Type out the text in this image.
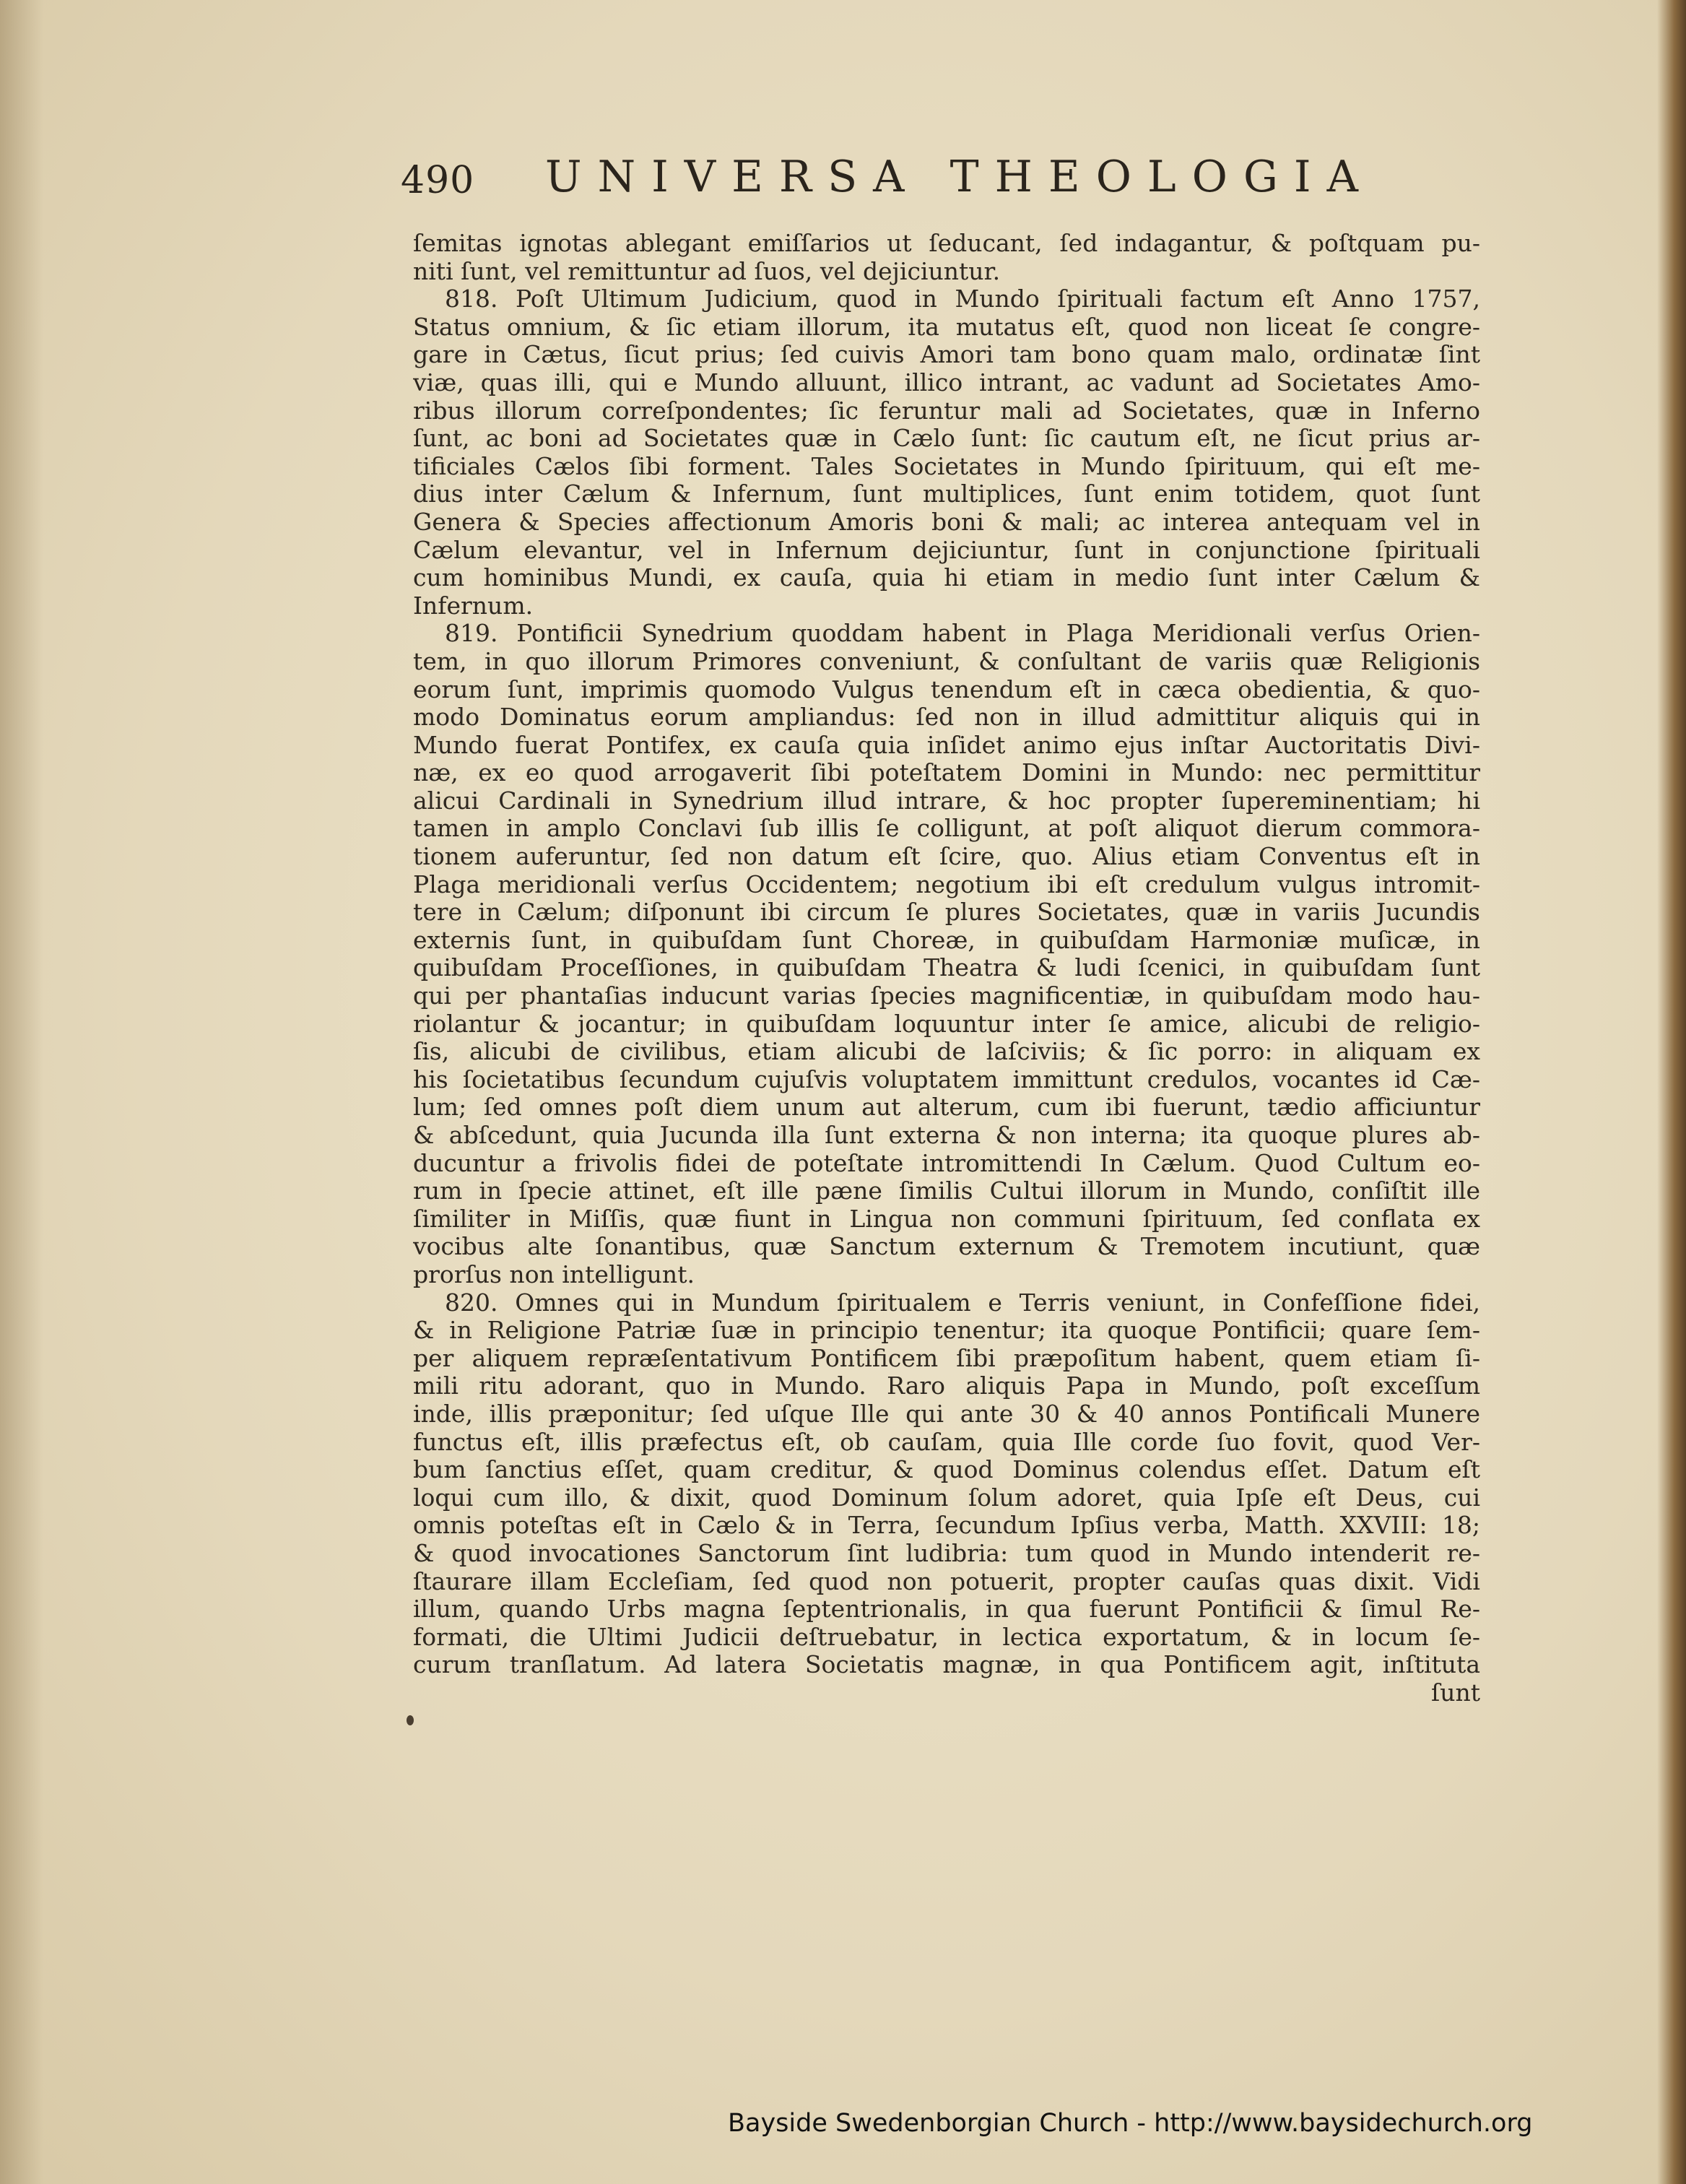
490 UNIVERSA THEOLOGIA
ſemitas ignotas ablegant emiſſarios ut ſeducant, ſed indagantur, & poſtquam pu-
niti ſunt, vel remittuntur ad ſuos, vel dejiciuntur.
818. Poſt Ultimum Judicium, quod in Mundo ſpirituali factum eſt Anno 1757,
Status omnium, & ſic etiam illorum, ita mutatus eſt, quod non liceat ſe congre-
gare in Cætus, ſicut prius; ſed cuivis Amori tam bono quam malo, ordinatæ ſint
viæ, quas illi, qui e Mundo alluunt, illico intrant, ac vadunt ad Societates Amo-
ribus illorum correſpondentes; ſic feruntur mali ad Societates, quæ in Inferno
ſunt, ac boni ad Societates quæ in Cælo ſunt: ſic cautum eſt, ne ſicut prius ar-
tificiales Cælos ſibi forment. Tales Societates in Mundo ſpirituum, qui eſt me-
dius inter Cælum & Infernum, ſunt multiplices, ſunt enim totidem, quot ſunt
Genera & Species affectionum Amoris boni & mali; ac interea antequam vel in
Cælum elevantur, vel in Infernum dejiciuntur, ſunt in conjunctione ſpirituali
cum hominibus Mundi, ex cauſa, quia hi etiam in medio ſunt inter Cælum &
Infernum.
819. Pontificii Synedrium quoddam habent in Plaga Meridionali verſus Orien-
tem, in quo illorum Primores conveniunt, & conſultant de variis quæ Religionis
eorum ſunt, imprimis quomodo Vulgus tenendum eſt in cæca obedientia, & quo-
modo Dominatus eorum ampliandus: ſed non in illud admittitur aliquis qui in
Mundo fuerat Pontifex, ex cauſa quia inſidet animo ejus inſtar Auctoritatis Divi-
næ, ex eo quod arrogaverit ſibi poteſtatem Domini in Mundo: nec permittitur
alicui Cardinali in Synedrium illud intrare, & hoc propter ſupereminentiam; hi
tamen in amplo Conclavi ſub illis ſe colligunt, at poſt aliquot dierum commora-
tionem auferuntur, ſed non datum eſt ſcire, quo. Alius etiam Conventus eſt in
Plaga meridionali verſus Occidentem; negotium ibi eſt credulum vulgus intromit-
tere in Cælum; diſponunt ibi circum ſe plures Societates, quæ in variis Jucundis
externis ſunt, in quibuſdam ſunt Choreæ, in quibuſdam Harmoniæ muſicæ, in
quibuſdam Proceſſiones, in quibuſdam Theatra & ludi ſcenici, in quibuſdam ſunt
qui per phantaſias inducunt varias ſpecies magnificentiæ, in quibuſdam modo hau-
riolantur & jocantur; in quibuſdam loquuntur inter ſe amice, alicubi de religio-
ſis, alicubi de civilibus, etiam alicubi de laſciviis; & ſic porro: in aliquam ex
his ſocietatibus ſecundum cujuſvis voluptatem immittunt credulos, vocantes id Cæ-
lum; ſed omnes poſt diem unum aut alterum, cum ibi fuerunt, tædio afficiuntur
& abſcedunt, quia Jucunda illa ſunt externa & non interna; ita quoque plures ab-
ducuntur a frivolis fidei de poteſtate intromittendi In Cælum. Quod Cultum eo-
rum in ſpecie attinet, eſt ille pæne ſimilis Cultui illorum in Mundo, conſiſtit ille
ſimiliter in Miſſis, quæ fiunt in Lingua non communi ſpirituum, ſed conflata ex
vocibus alte ſonantibus, quæ Sanctum externum & Tremotem incutiunt, quæ
prorſus non intelligunt.
820. Omnes qui in Mundum ſpiritualem e Terris veniunt, in Confeſſione fidei,
& in Religione Patriæ ſuæ in principio tenentur; ita quoque Pontificii; quare ſem-
per aliquem repræſentativum Pontificem ſibi præpoſitum habent, quem etiam ſi-
mili ritu adorant, quo in Mundo. Raro aliquis Papa in Mundo, poſt exceſſum
inde, illis præponitur; ſed uſque Ille qui ante 30 & 40 annos Pontificali Munere
functus eſt, illis præfectus eſt, ob cauſam, quia Ille corde ſuo fovit, quod Ver-
bum ſanctius eſſet, quam creditur, & quod Dominus colendus eſſet. Datum eſt
loqui cum illo, & dixit, quod Dominum ſolum adoret, quia Ipſe eſt Deus, cui
omnis poteſtas eſt in Cælo & in Terra, ſecundum Ipſius verba, Matth. XXVIII: 18;
& quod invocationes Sanctorum ſint ludibria: tum quod in Mundo intenderit re-
ſtaurare illam Eccleſiam, ſed quod non potuerit, propter cauſas quas dixit. Vidi
illum, quando Urbs magna ſeptentrionalis, in qua fuerunt Pontificii & ſimul Re-
formati, die Ultimi Judicii deſtruebatur, in lectica exportatum, & in locum ſe-
curum tranſlatum. Ad latera Societatis magnæ, in qua Pontificem agit, inſtituta
ſunt
Bayside Swedenborgian Church - http://www.baysidechurch.org
